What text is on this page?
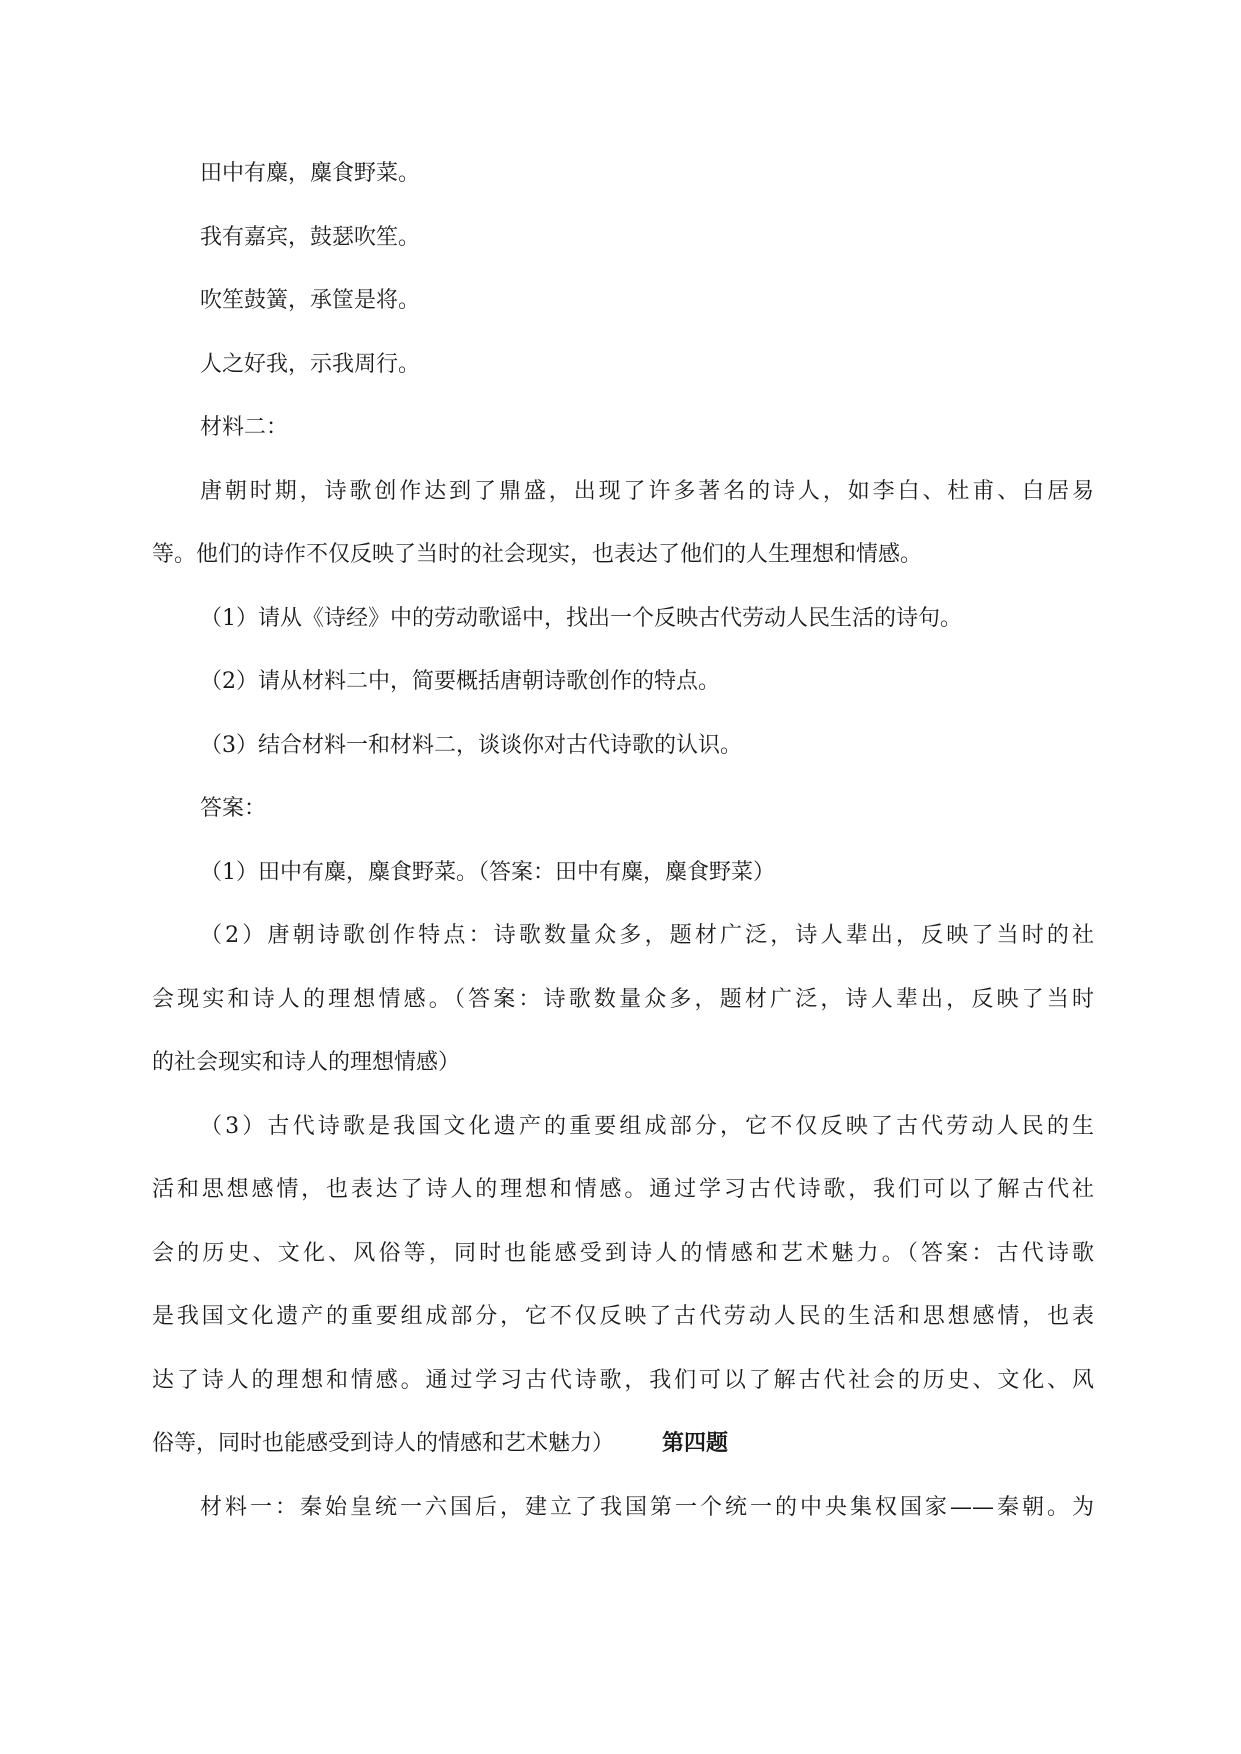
田中有麋，麋食野菜。
我有嘉宾，鼓瑟吹笙。
吹笙鼓簧，承筐是将。
人之好我，示我周行。
材料二：
唐朝时期，诗歌创作达到了鼎盛，出现了许多著名的诗人，如李白、杜甫、白居易
等。他们的诗作不仅反映了当时的社会现实，也表达了他们的人生理想和情感。
（1）请从《诗经》中的劳动歌谣中，找出一个反映古代劳动人民生活的诗句。
（2）请从材料二中，简要概括唐朝诗歌创作的特点。
（3）结合材料一和材料二，谈谈你对古代诗歌的认识。
答案：
（1）田中有麋，麋食野菜。（答案：田中有麋，麋食野菜）
（2）唐朝诗歌创作特点：诗歌数量众多，题材广泛，诗人辈出，反映了当时的社
会现实和诗人的理想情感。（答案：诗歌数量众多，题材广泛，诗人辈出，反映了当时
的社会现实和诗人的理想情感）
（3）古代诗歌是我国文化遗产的重要组成部分，它不仅反映了古代劳动人民的生
活和思想感情，也表达了诗人的理想和情感。通过学习古代诗歌，我们可以了解古代社
会的历史、文化、风俗等，同时也能感受到诗人的情感和艺术魅力。（答案：古代诗歌
是我国文化遗产的重要组成部分，它不仅反映了古代劳动人民的生活和思想感情，也表
达了诗人的理想和情感。通过学习古代诗歌，我们可以了解古代社会的历史、文化、风
俗等，同时也能感受到诗人的情感和艺术魅力） 第四题
材料一：秦始皇统一六国后，建立了我国第一个统一的中央集权国家——秦朝。为
